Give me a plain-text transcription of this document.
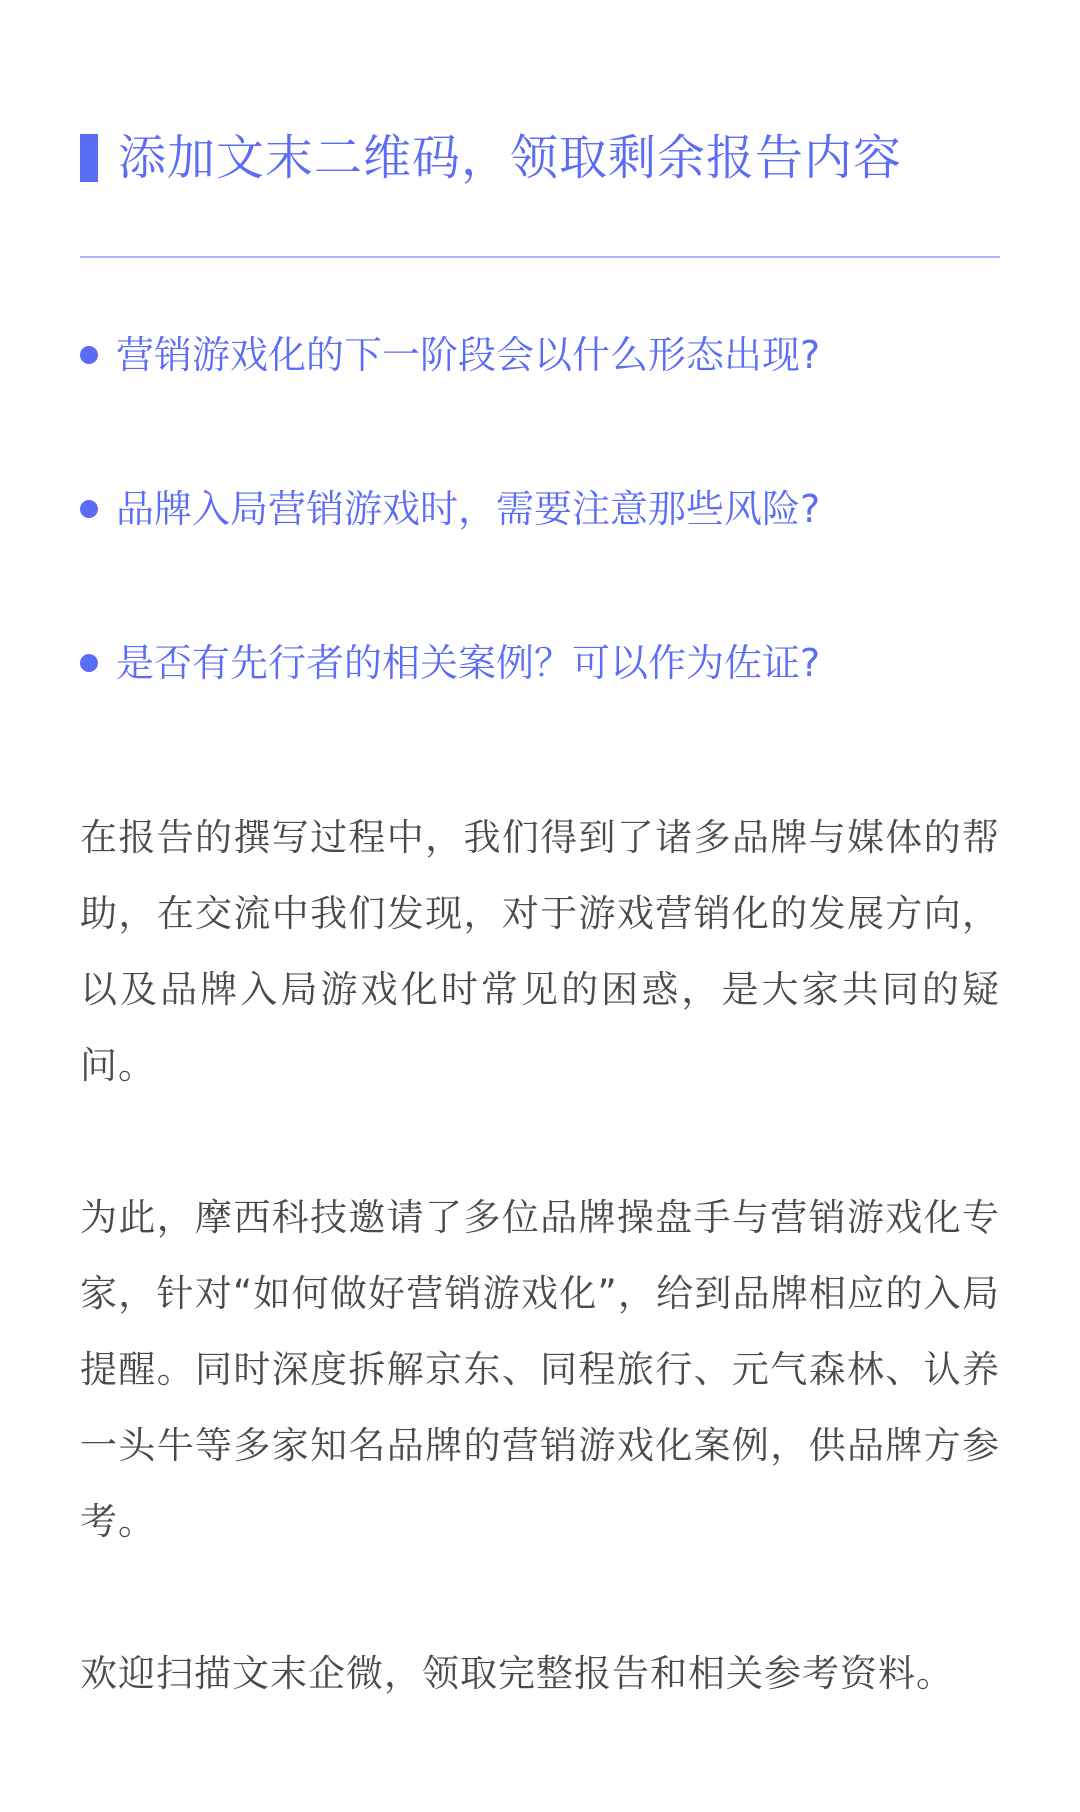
添加文末二维码，领取剩余报告内容
营销游戏化的下一阶段会以什么形态出现?
品牌入局营销游戏时，需要注意那些风险?
是否有先行者的相关案例？可以作为佐证?

在报告的撰写过程中，我们得到了诸多品牌与媒体的帮助，在交流中我们发现，对于游戏营销化的发展方向，以及品牌入局游戏化时常见的困惑，是大家共同的疑问。

为此，摩西科技邀请了多位品牌操盘手与营销游戏化专家，针对“如何做好营销游戏化”，给到品牌相应的入局提醒。同时深度拆解京东、同程旅行、元气森林、认养一头牛等多家知名品牌的营销游戏化案例，供品牌方参考。

欢迎扫描文末企微，领取完整报告和相关参考资料。
